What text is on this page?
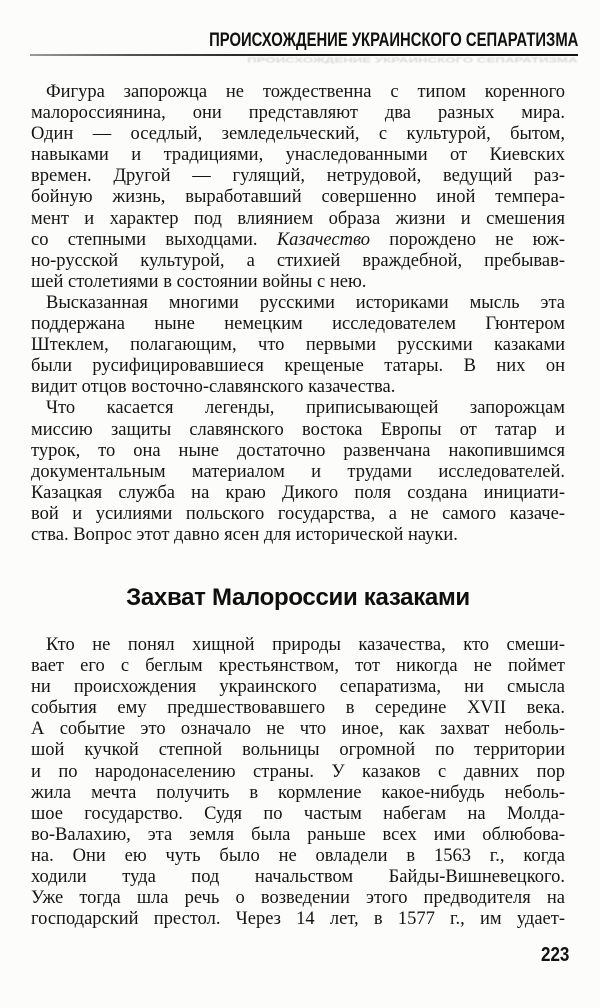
ПРОИСХОЖДЕНИЕ УКРАИНСКОГО СЕПАРАТИЗМА
ПРОИСХОЖДЕНИЕ УКРАИНСКОГО СЕПАРАТИЗМА
Фигура запорожца не тождественна с типом коренного
малороссиянина, они представляют два разных мира.
Один — оседлый, земледельческий, с культурой, бытом,
навыками и традициями, унаследованными от Киевских
времен. Другой — гулящий, нетрудовой, ведущий раз-
бойную жизнь, выработавший совершенно иной темпера-
мент и характер под влиянием образа жизни и смешения
со степными выходцами. Казачество порождено не юж-
но-русской культурой, а стихией враждебной, пребывав-
шей столетиями в состоянии войны с нею.
Высказанная многими русскими историками мысль эта
поддержана ныне немецким исследователем Гюнтером
Штеклем, полагающим, что первыми русскими казаками
были русифицировавшиеся крещеные татары. В них он
видит отцов восточно-славянского казачества.
Что касается легенды, приписывающей запорожцам
миссию защиты славянского востока Европы от татар и
турок, то она ныне достаточно развенчана накопившимся
документальным материалом и трудами исследователей.
Казацкая служба на краю Дикого поля создана инициати-
вой и усилиями польского государства, а не самого казаче-
ства. Вопрос этот давно ясен для исторической науки.
Захват Малороссии казаками
Кто не понял хищной природы казачества, кто смеши-
вает его с беглым крестьянством, тот никогда не поймет
ни происхождения украинского сепаратизма, ни смысла
события ему предшествовавшего в середине XVII века.
А событие это означало не что иное, как захват неболь-
шой кучкой степной вольницы огромной по территории
и по народонаселению страны. У казаков с давних пор
жила мечта получить в кормление какое-нибудь неболь-
шое государство. Судя по частым набегам на Молда-
во-Валахию, эта земля была раньше всех ими облюбова-
на. Они ею чуть было не овладели в 1563 г., когда
ходили туда под начальством Байды-Вишневецкого.
Уже тогда шла речь о возведении этого предводителя на
господарский престол. Через 14 лет, в 1577 г., им удает-
223
